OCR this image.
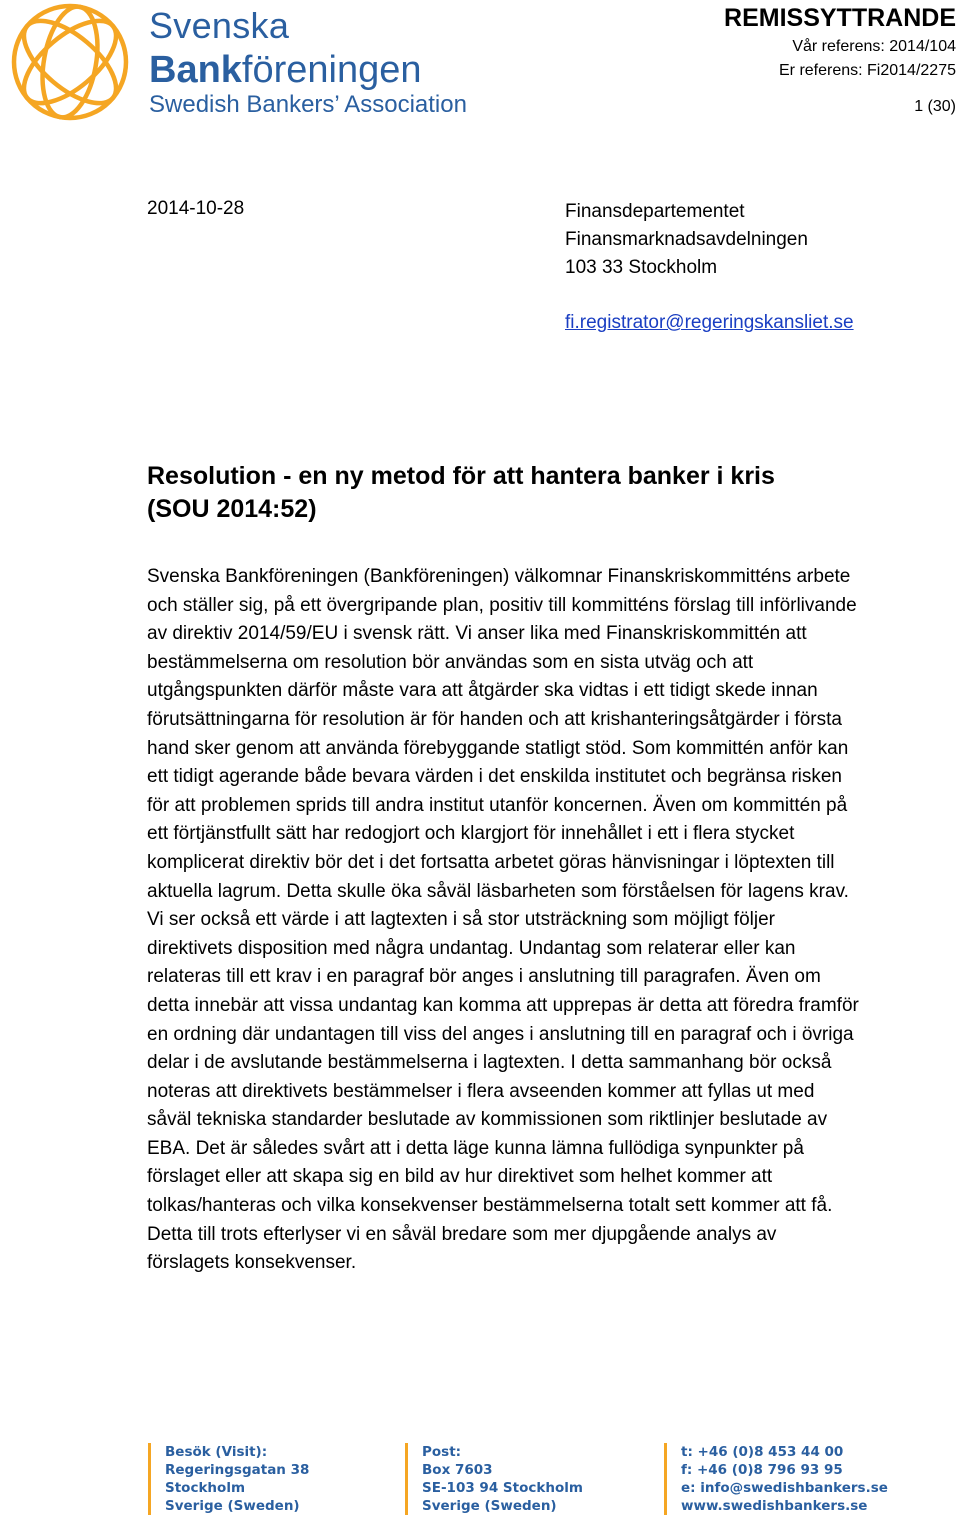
Svenska
Bankföreningen
Swedish Bankers’ Association
REMISSYTTRANDE
Vår referens: 2014/104
Er referens: Fi2014/2275
1 (30)
2014-10-28	Finansdepartementet
Finansmarknadsavdelningen
103 33 Stockholm
fi.registrator@regeringskansliet.se
Resolution - en ny metod för att hantera banker i kris
(SOU 2014:52)
Svenska Bankföreningen (Bankföreningen) välkomnar Finanskriskommitténs arbete
och ställer sig, på ett övergripande plan, positiv till kommitténs förslag till införlivande
av direktiv 2014/59/EU i svensk rätt. Vi anser lika med Finanskriskommittén att
bestämmelserna om resolution bör användas som en sista utväg och att
utgångspunkten därför måste vara att åtgärder ska vidtas i ett tidigt skede innan
förutsättningarna för resolution är för handen och att krishanteringsåtgärder i första
hand sker genom att använda förebyggande statligt stöd. Som kommittén anför kan
ett tidigt agerande både bevara värden i det enskilda institutet och begränsa risken
för att problemen sprids till andra institut utanför koncernen. Även om kommittén på
ett förtjänstfullt sätt har redogjort och klargjort för innehållet i ett i flera stycket
komplicerat direktiv bör det i det fortsatta arbetet göras hänvisningar i löptexten till
aktuella lagrum. Detta skulle öka såväl läsbarheten som förståelsen för lagens krav.
Vi ser också ett värde i att lagtexten i så stor utsträckning som möjligt följer
direktivets disposition med några undantag. Undantag som relaterar eller kan
relateras till ett krav i en paragraf bör anges i anslutning till paragrafen. Även om
detta innebär att vissa undantag kan komma att upprepas är detta att föredra framför
en ordning där undantagen till viss del anges i anslutning till en paragraf och i övriga
delar i de avslutande bestämmelserna i lagtexten. I detta sammanhang bör också
noteras att direktivets bestämmelser i flera avseenden kommer att fyllas ut med
såväl tekniska standarder beslutade av kommissionen som riktlinjer beslutade av
EBA. Det är således svårt att i detta läge kunna lämna fullödiga synpunkter på
förslaget eller att skapa sig en bild av hur direktivet som helhet kommer att
tolkas/hanteras och vilka konsekvenser bestämmelserna totalt sett kommer att få.
Detta till trots efterlyser vi en såväl bredare som mer djupgående analys av
förslagets konsekvenser.
Besök (Visit):
Regeringsgatan 38
Stockholm
Sverige (Sweden)
Post:
Box 7603
SE-103 94 Stockholm
Sverige (Sweden)
t: +46 (0)8 453 44 00
f: +46 (0)8 796 93 95
e: info@swedishbankers.se
www.swedishbankers.se
